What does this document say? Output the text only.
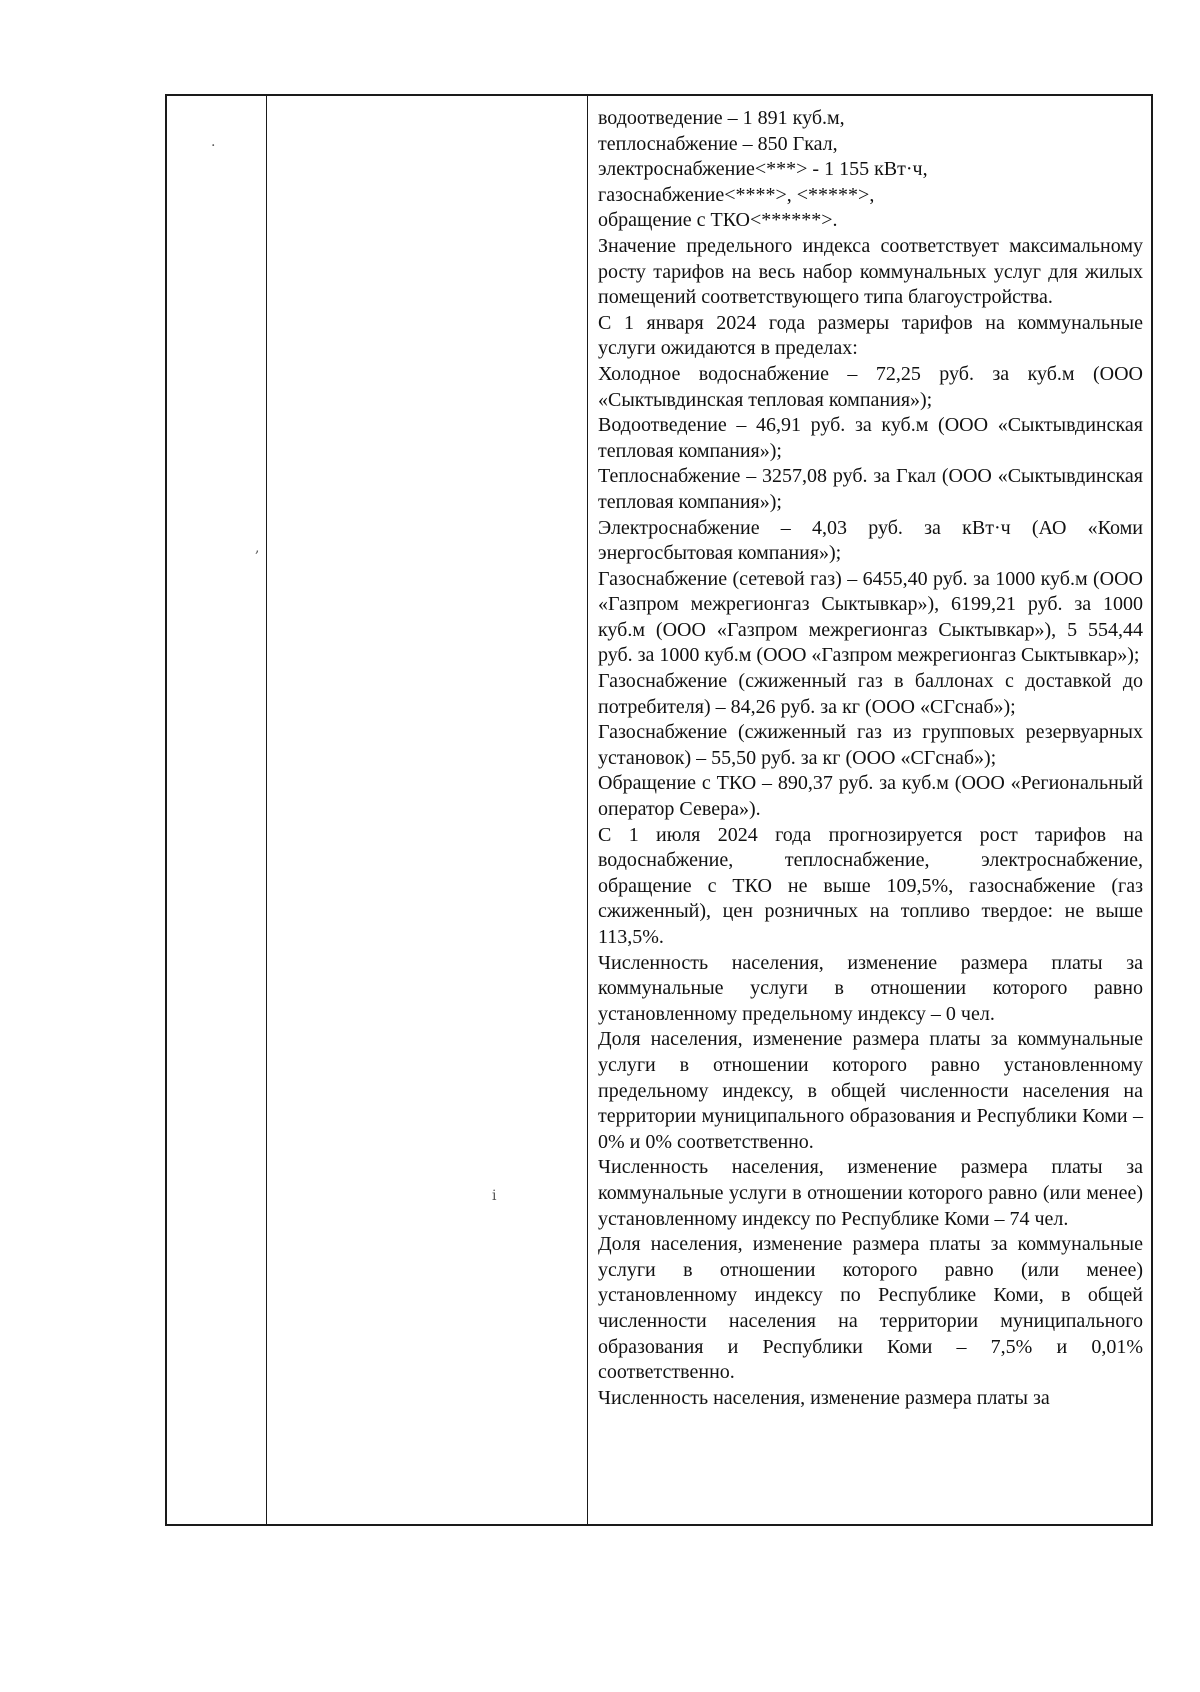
.
,
i

водоотведение – 1 891 куб.м,

теплоснабжение – 850 Гкал,

электроснабжение<***> - 1 155 кВт·ч,

газоснабжение<****>, <*****>,

обращение с ТКО<******>.

Значение предельного индекса соответствует максимальному росту тарифов на весь набор коммунальных услуг для жилых помещений соответствующего типа благоустройства.

С 1 января 2024 года размеры тарифов на коммунальные услуги ожидаются в пределах:

Холодное водоснабжение – 72,25 руб. за куб.м (ООО «Сыктывдинская тепловая компания»);

Водоотведение – 46,91 руб. за куб.м (ООО «Сыктывдинская тепловая компания»);

Теплоснабжение – 3257,08 руб. за Гкал (ООО «Сыктывдинская тепловая компания»);

Электроснабжение – 4,03 руб. за кВт·ч (АО «Коми энергосбытовая компания»);

Газоснабжение (сетевой газ) – 6455,40 руб. за 1000 куб.м (ООО «Газпром межрегионгаз Сыктывкар»), 6199,21 руб. за 1000 куб.м (ООО «Газпром межрегионгаз Сыктывкар»), 5 554,44 руб. за 1000 куб.м (ООО «Газпром межрегионгаз Сыктывкар»);

Газоснабжение (сжиженный газ в баллонах с доставкой до потребителя) – 84,26 руб. за кг (ООО «СГснаб»);

Газоснабжение (сжиженный газ из групповых резервуарных установок) – 55,50 руб. за кг (ООО «СГснаб»);

Обращение с ТКО – 890,37 руб. за куб.м (ООО «Региональный оператор Севера»).

С 1 июля 2024 года прогнозируется рост тарифов на водоснабжение, теплоснабжение, электроснабжение, обращение с ТКО не выше 109,5%, газоснабжение (газ сжиженный), цен розничных на топливо твердое: не выше 113,5%.

Численность населения, изменение размера платы за коммунальные услуги в отношении которого равно установленному предельному индексу – 0 чел.

Доля населения, изменение размера платы за коммунальные услуги в отношении которого равно установленному предельному индексу, в общей численности населения на территории муниципального образования и Республики Коми – 0% и 0% соответственно.

Численность населения, изменение размера платы за коммунальные услуги в отношении которого равно (или менее) установленному индексу по Республике Коми – 74 чел.

Доля населения, изменение размера платы за коммунальные услуги в отношении которого равно (или менее) установленному индексу по Республике Коми, в общей численности населения на территории муниципального образования и Республики Коми – 7,5% и 0,01% соответственно.

Численность населения, изменение размера платы за
